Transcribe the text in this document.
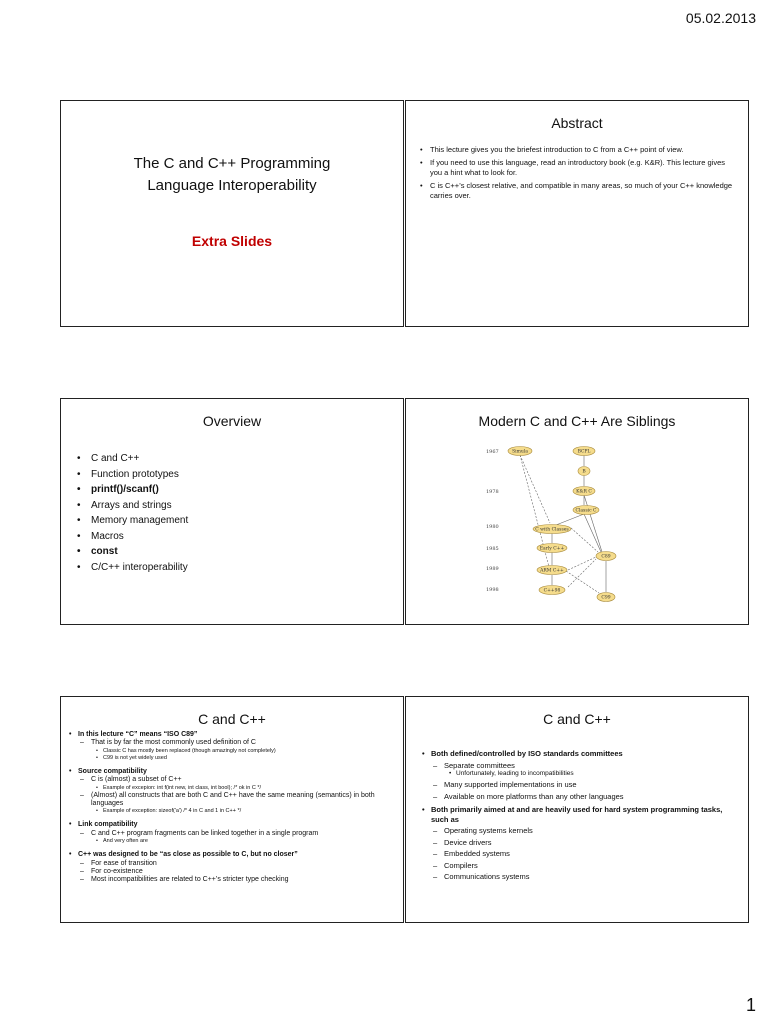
05.02.2013
The C and C++ Programming
Language Interoperability
Extra Slides
Abstract
• This lecture gives you the briefest introduction to C from a C++ point of view.
• If you need to use this language, read an introductory book (e.g. K&R). This lecture gives you a hint what to look for.
• C is C++’s closest relative, and compatible in many areas, so much of your C++ knowledge carries over.
Overview
• C and C++
• Function prototypes
• printf()/scanf()
• Arrays and strings
• Memory management
• Macros
• const
• C/C++ interoperability
Modern C and C++ Are Siblings
1967
1978
1980
1985
1989
1998
Simula	BCPL
B
K&R C
Classic C
C with Classes
Early C++
C89
ARM C++
C++98
C99
C and C++
• In this lecture “C” means “ISO C89”
– That is by far the most commonly used definition of C
• Classic C has mostly been replaced (though amazingly not completely)
• C99 is not yet widely used
• Source compatibility
– C is (almost) a subset of C++
• Example of excepion: int f(int new, int class, int bool); /* ok in C */
– (Almost) all constructs that are both C and C++ have the same meaning (semantics) in both languages
• Example of exception: sizeof('a') /* 4 in C and 1 in C++ */
• Link compatibility
– C and C++ program fragments can be linked together in a single program
• And very often are
• C++ was designed to be “as close as possible to C, but no closer”
– For ease of transition
– For co-existence
– Most incompatibilities are related to C++’s stricter type checking
C and C++
• Both defined/controlled by ISO standards committees
– Separate committees
• Unfortunately, leading to incompatibilities
– Many supported implementations in use
– Available on more platforms than any other languages
• Both primarily aimed at and are heavily used for hard system programming tasks, such as
– Operating systems kernels
– Device drivers
– Embedded systems
– Compilers
– Communications systems
1
